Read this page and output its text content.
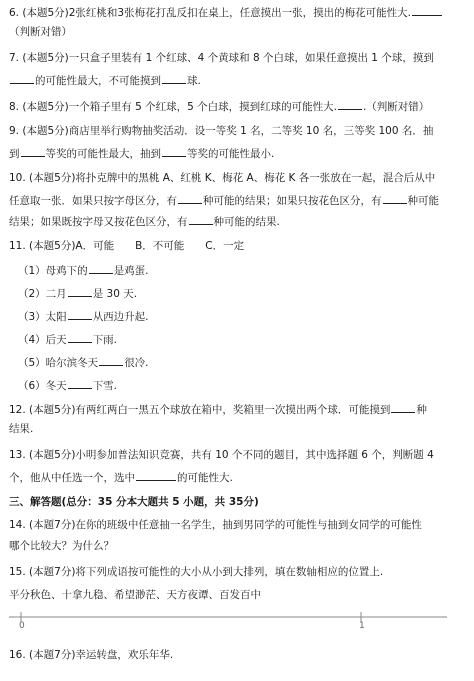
6. (本题5分)2张红桃和3张梅花打乱反扣在桌上，任意摸出一张，摸出的梅花可能性大.
（判断对错）
7. (本题5分)一只盒子里装有 1 个红球、4 个黄球和 8 个白球，如果任意摸出 1 个球，摸到
的可能性最大，不可能摸到 球.
8. (本题5分)一个箱子里有 5 个红球，5 个白球，摸到红球的可能性大. .（判断对错）
9. (本题5分)商店里举行购物抽奖活动．设一等奖 1 名，二等奖 10 名，三等奖 100 名．抽
到 等奖的可能性最大，抽到 等奖的可能性最小.
10. (本题5分)将扑克牌中的黑桃 A、红桃 K、梅花 A、梅花 K 各一张放在一起，混合后从中
任意取一张．如果只按字母区分，有 种可能的结果；如果只按花色区分，有 种可能
结果；如果既按字母又按花色区分，有 种可能的结果.
11. (本题5分)A．可能　　B．不可能　　C．一定
（1）母鸡下的 是鸡蛋.
（2）二月 是 30 天.
（3）太阳 从西边升起.
（4）后天 下雨.
（5）哈尔滨冬天 很冷.
（6）冬天 下雪.
12. (本题5分)有两红两白一黑五个球放在箱中，奖箱里一次摸出两个球．可能摸到 种
结果.
13. (本题5分)小明参加普法知识竞赛，共有 10 个不同的题目，其中选择题 6 个，判断题 4
个，他从中任选一个，选中	的可能性大.
三、解答题(总分：35 分本大题共 5 小题，共 35分)
14. (本题7分)在你的班级中任意抽一名学生，抽到男同学的可能性与抽到女同学的可能性
哪个比较大？为什么？
15. (本题7分)将下列成语按可能性的大小从小到大排列，填在数轴相应的位置上.
平分秋色、十拿九稳、希望渺茫、天方夜谭、百发百中
0	1
16. (本题7分)幸运转盘，欢乐年华.
